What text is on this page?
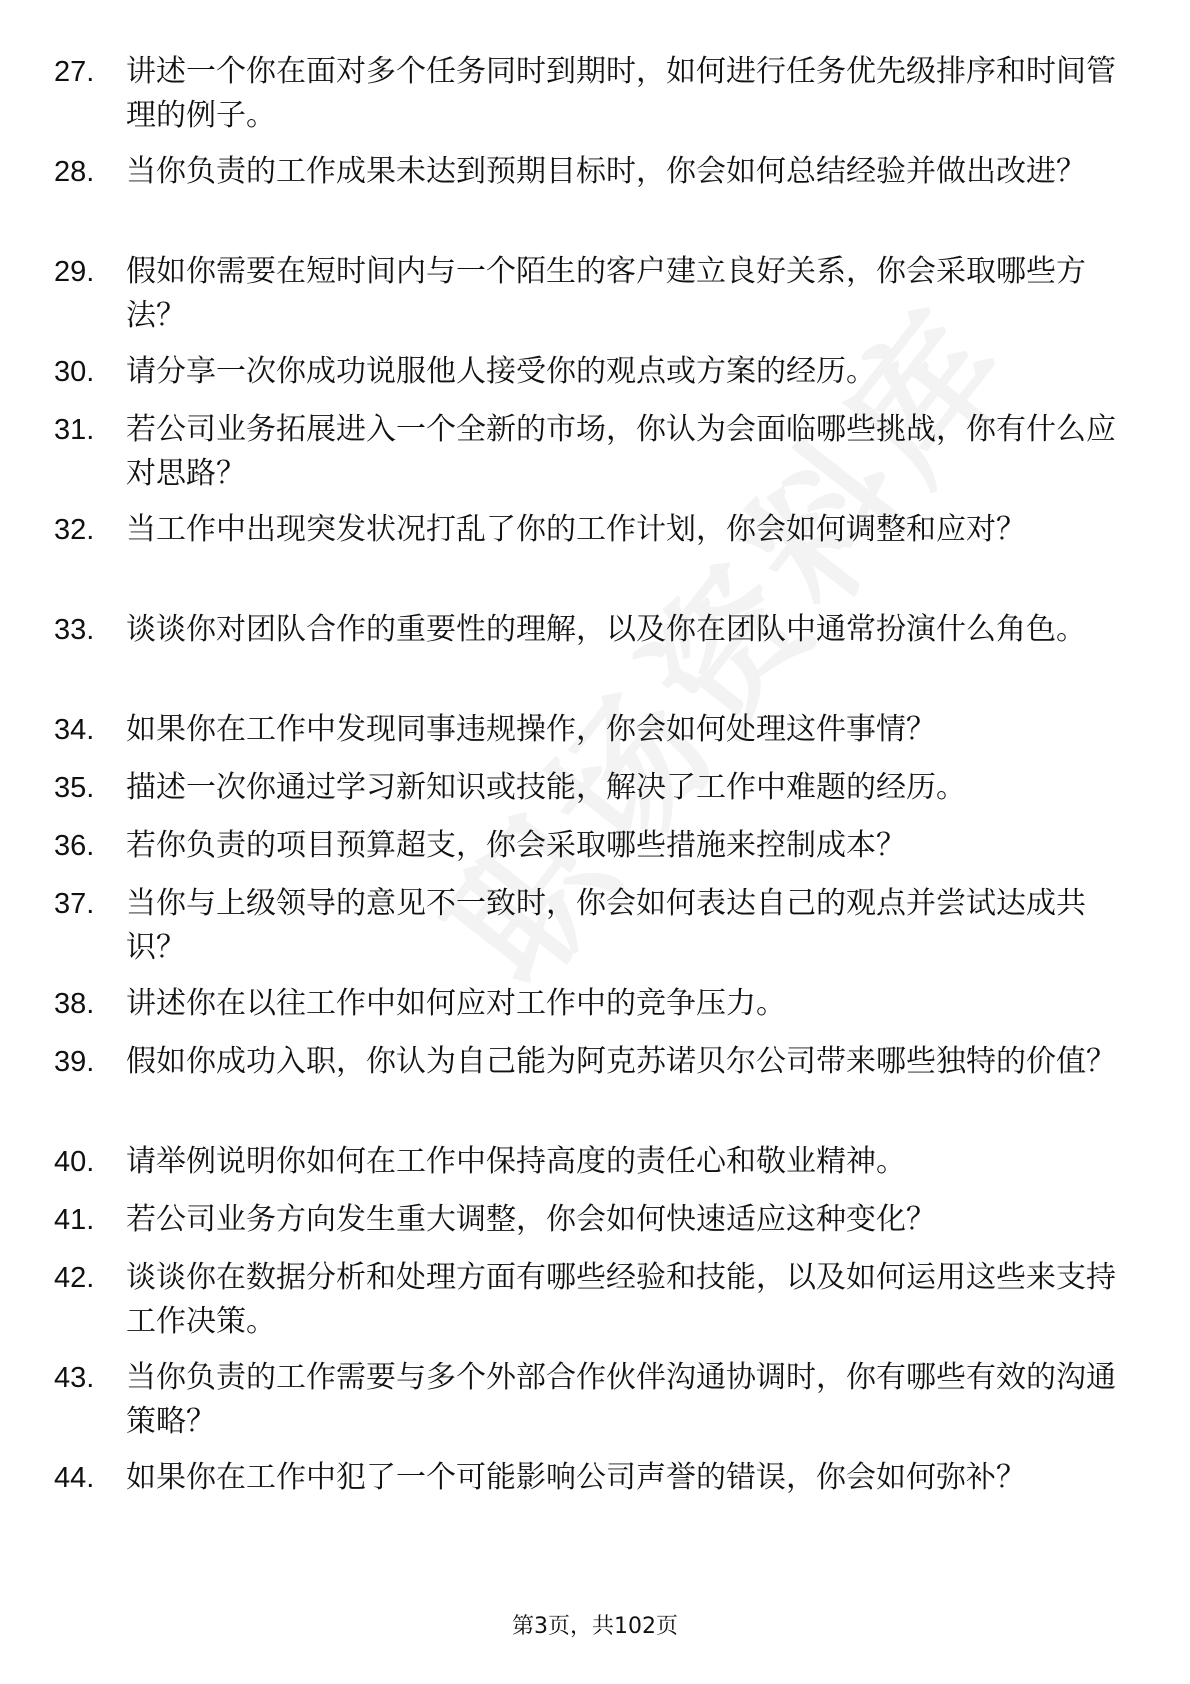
27.	讲述一个你在面对多个任务同时到期时，如何进行任务优先级排序和时间管理的例子。
28.	当你负责的工作成果未达到预期目标时，你会如何总结经验并做出改进？
29.	假如你需要在短时间内与一个陌生的客户建立良好关系，你会采取哪些方法？
30.	请分享一次你成功说服他人接受你的观点或方案的经历。
31.	若公司业务拓展进入一个全新的市场，你认为会面临哪些挑战，你有什么应对思路？
32.	当工作中出现突发状况打乱了你的工作计划，你会如何调整和应对？
33.	谈谈你对团队合作的重要性的理解，以及你在团队中通常扮演什么角色。
34.	如果你在工作中发现同事违规操作，你会如何处理这件事情？
35.	描述一次你通过学习新知识或技能，解决了工作中难题的经历。
36.	若你负责的项目预算超支，你会采取哪些措施来控制成本？
37.	当你与上级领导的意见不一致时，你会如何表达自己的观点并尝试达成共识？
38.	讲述你在以往工作中如何应对工作中的竞争压力。
39.	假如你成功入职，你认为自己能为阿克苏诺贝尔公司带来哪些独特的价值？
40.	请举例说明你如何在工作中保持高度的责任心和敬业精神。
41.	若公司业务方向发生重大调整，你会如何快速适应这种变化？
42.	谈谈你在数据分析和处理方面有哪些经验和技能，以及如何运用这些来支持工作决策。
43.	当你负责的工作需要与多个外部合作伙伴沟通协调时，你有哪些有效的沟通策略？
44.	如果你在工作中犯了一个可能影响公司声誉的错误，你会如何弥补？
第3页，共102页
